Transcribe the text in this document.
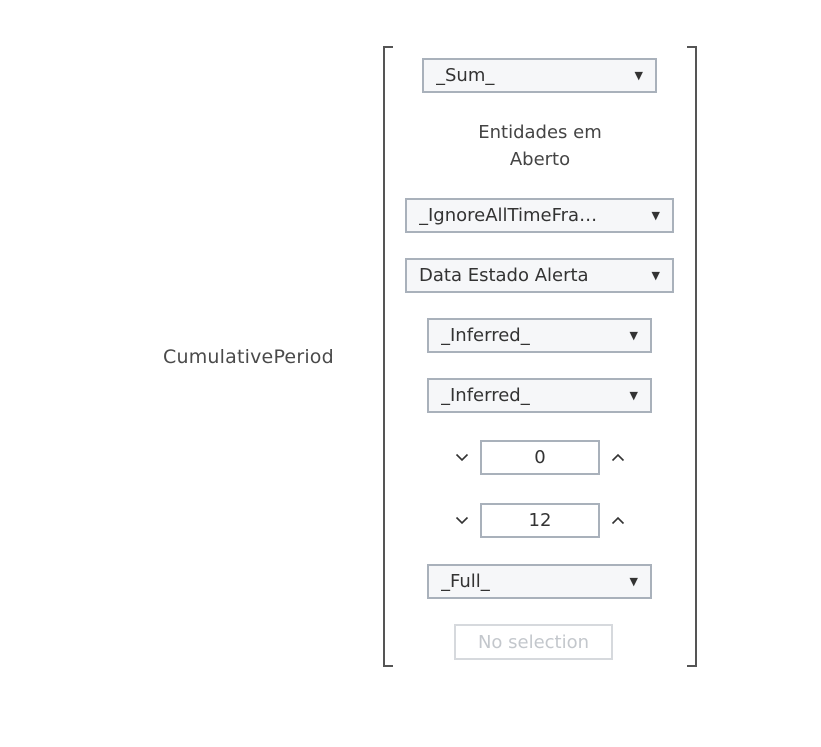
CumulativePeriod
_Sum_	▼
Entidades em
Aberto
_IgnoreAllTimeFra…	▼
Data Estado Alerta	▼
_Inferred_	▼
_Inferred_	▼
0
12
_Full_	▼
No selection
